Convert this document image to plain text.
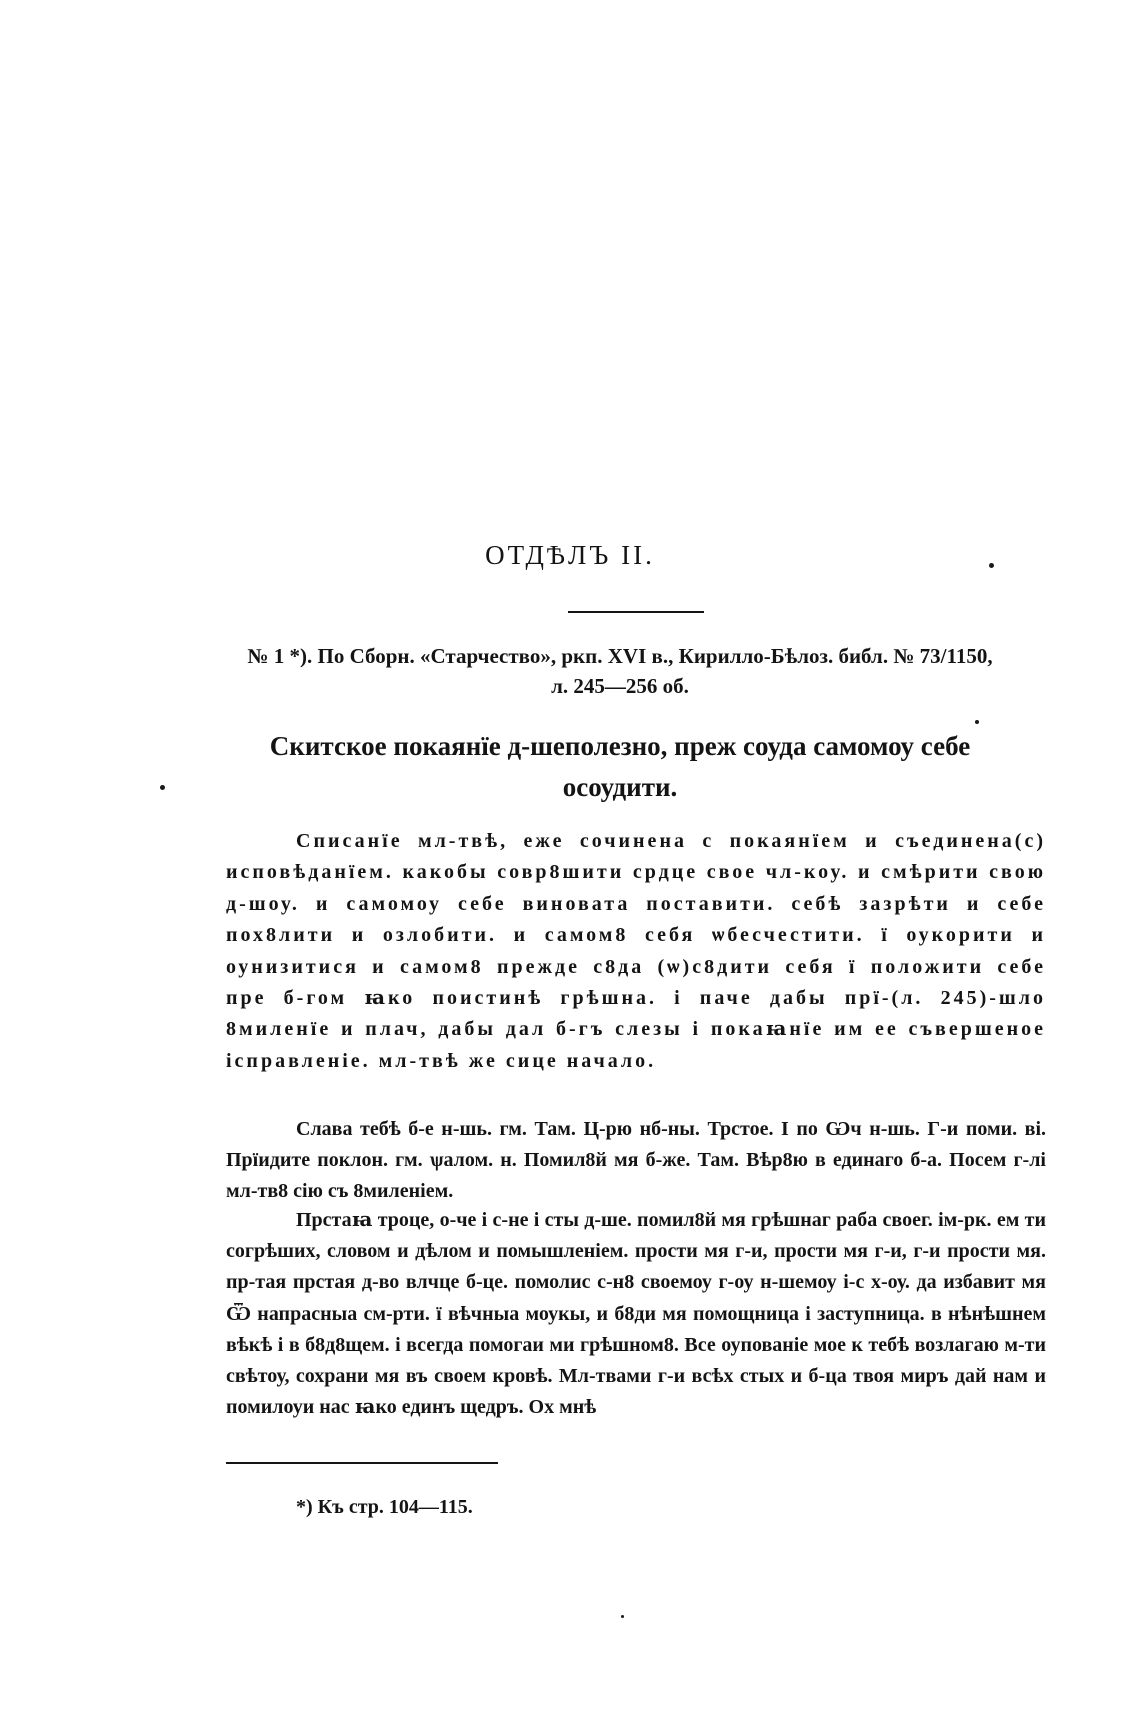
ОТДѢЛЪ II.

№ 1 *). По Сборн. «Старчество», ркп. XVI в., Кирилло-Бѣлоз. библ. № 73/1150,
л. 245—256 об.

Скитское покаянїе д-шеполезно, преж соуда самомоу себе
осоудити.

Списанїе мл-твѣ, еже сочинена с покаянїем и съединена(с) исповѣданїем. какобы совр8шити срдце свое чл-коу. и смѣрити свою д-шоу. и самомоу себе виновата поставити. себѣ зазрѣти и себе пох8лити и озлобити. и самом8 себя ѡбесчестити. ї оукорити и оунизитися и самом8 прежде с8да (ѡ)с8дити себя ї положити себе пре б-гом ꙗко поистинѣ грѣшна. і паче дабы прї-(л. 245)-шло 8миленїе и плач, дабы дал б-гъ слезы і покаꙗнїе им ее съвершеное ісправленіе. мл-твѣ же сице начало.

Слава тебѣ б-е н-шь. гм. Там. Ц-рю нб-ны. Трстое. I по Ѡч н-шь. Г-и поми. ві. Прїидите поклон. гм. ѱалом. н. Помил8й мя б-же. Там. Вѣр8ю в единаго б-а. Посем г-лі мл-тв8 сію съ 8миленіем.

Прстаꙗ троце, о-че і с-не і сты д-ше. помил8й мя грѣшнаг раба своег. ім-рк. ем ти согрѣших, словом и дѣлом и помышленіем. прости мя г-и, прости мя г-и, г-и прости мя. пр-тая прстая д-во влчце б-це. помолис с-н8 своемоу г-оу н-шемоу і-с х-оу. да избавит мя Ѿ напрасныа см-рти. ї вѣчныа моукы, и б8ди мя помощница і заступница. в нѣнѣшнем вѣкѣ і в б8д8щем. і всегда помогаи ми грѣшном8. Все оупованіе мое к тебѣ возлагаю м-ти свѣтоу, сохрани мя въ своем кровѣ. Мл-твами г-и всѣх стых и б-ца твоя миръ дай нам и помилоуи нас ꙗко единъ щедръ. Ох мнѣ

*) Къ стр. 104—115.
